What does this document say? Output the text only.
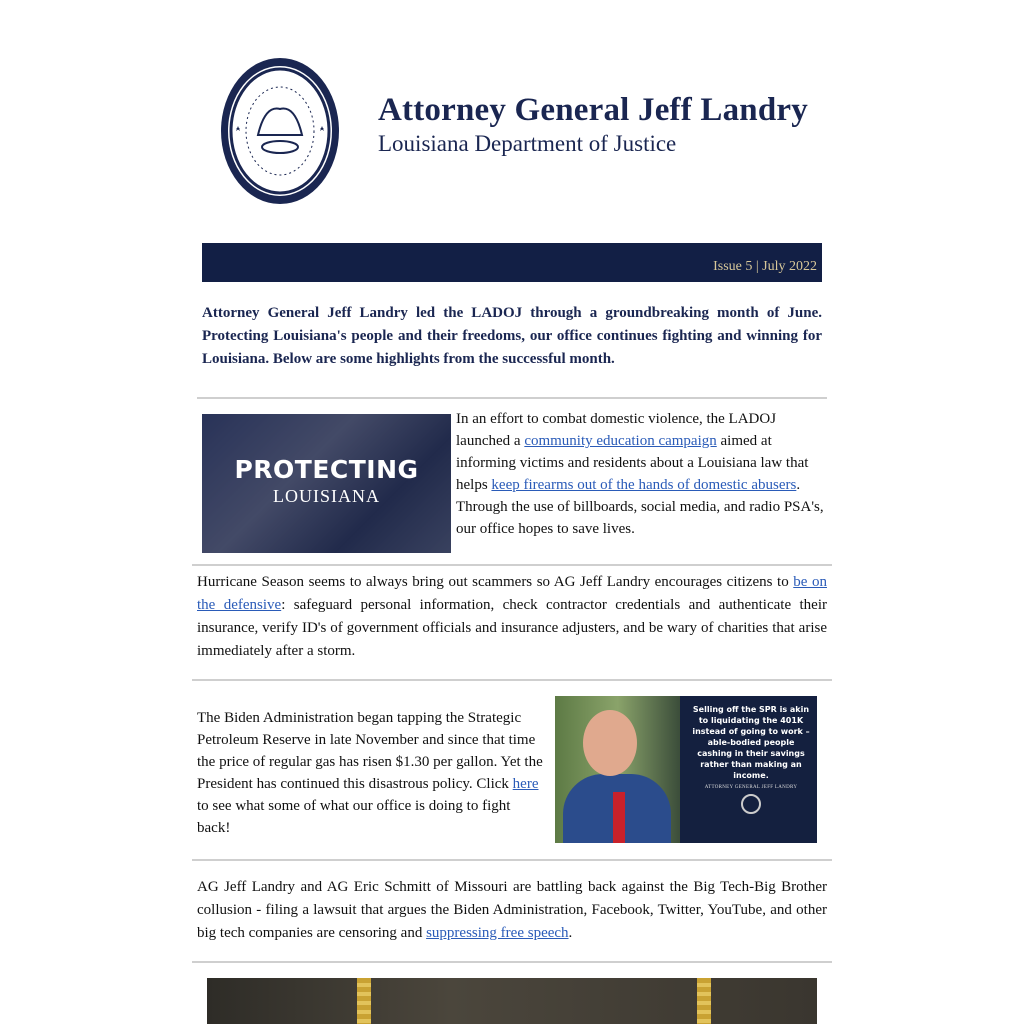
Attorney General Jeff Landry
Louisiana Department of Justice
Issue 5 | July 2022
Attorney General Jeff Landry led the LADOJ through a groundbreaking month of June. Protecting Louisiana's people and their freedoms, our office continues fighting and winning for Louisiana. Below are some highlights from the successful month.
PROTECTING
LOUISIANA
In an effort to combat domestic violence, the LADOJ launched a community education campaign aimed at informing victims and residents about a Louisiana law that helps keep firearms out of the hands of domestic abusers. Through the use of billboards, social media, and radio PSA's, our office hopes to save lives.
Hurricane Season seems to always bring out scammers so AG Jeff Landry encourages citizens to be on the defensive: safeguard personal information, check contractor credentials and authenticate their insurance, verify ID's of government officials and insurance adjusters, and be wary of charities that arise immediately after a storm.
The Biden Administration began tapping the Strategic Petroleum Reserve in late November and since that time the price of regular gas has risen $1.30 per gallon. Yet the President has continued this disastrous policy. Click here to see what some of what our office is doing to fight back!
Selling off the SPR is akin to liquidating the 401K instead of going to work – able-bodied people cashing in their savings rather than making an income.
ATTORNEY GENERAL JEFF LANDRY
AG Jeff Landry and AG Eric Schmitt of Missouri are battling back against the Big Tech-Big Brother collusion - filing a lawsuit that argues the Biden Administration, Facebook, Twitter, YouTube, and other big tech companies are censoring and suppressing free speech.
